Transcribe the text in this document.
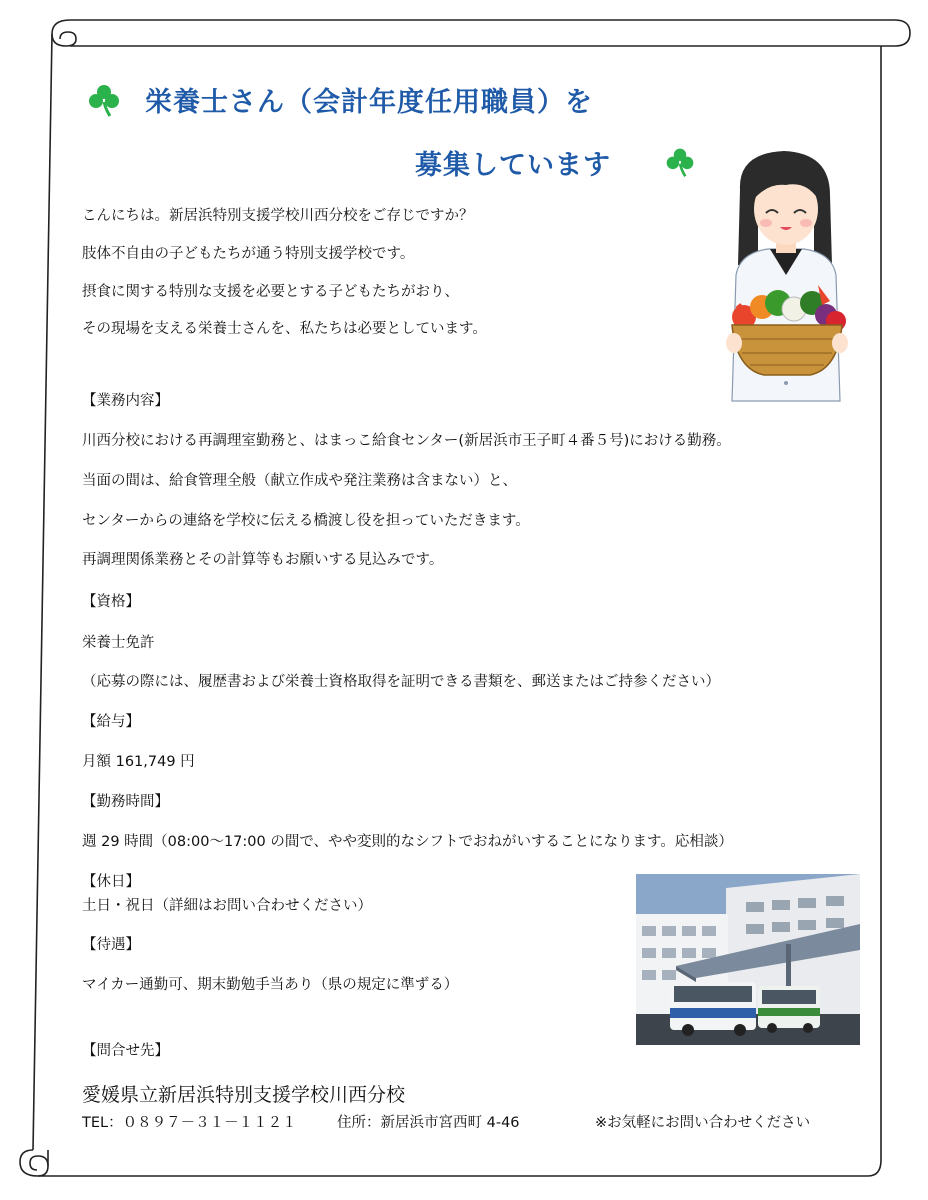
栄養士さん（会計年度任用職員）を
募集しています
こんにちは。新居浜特別支援学校川西分校をご存じですか？
肢体不自由の子どもたちが通う特別支援学校です。
摂食に関する特別な支援を必要とする子どもたちがおり、
その現場を支える栄養士さんを、私たちは必要としています。
【業務内容】
川西分校における再調理室勤務と、はまっこ給食センター(新居浜市王子町４番５号)における勤務。
当面の間は、給食管理全般（献立作成や発注業務は含まない）と、
センターからの連絡を学校に伝える橋渡し役を担っていただきます。
再調理関係業務とその計算等もお願いする見込みです。
【資格】
栄養士免許
（応募の際には、履歴書および栄養士資格取得を証明できる書類を、郵送またはご持参ください）
【給与】
月額 161,749 円
【勤務時間】
週 29 時間（08:00～17:00 の間で、やや変則的なシフトでおねがいすることになります。応相談）
【休日】
土日・祝日（詳細はお問い合わせください）
【待遇】
マイカー通勤可、期末勤勉手当あり（県の規定に準ずる）
【問合せ先】
愛媛県立新居浜特別支援学校川西分校
TEL：０８９７－３１－１１２１	住所：新居浜市宮西町 4-46	※お気軽にお問い合わせください
